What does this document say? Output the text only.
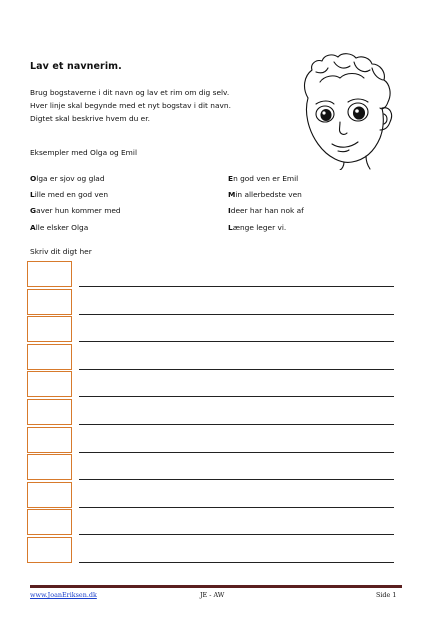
Lav et navnerim.
Brug bogstaverne i dit navn og lav et rim om dig selv.
Hver linje skal begynde med et nyt bogstav i dit navn.
Digtet skal beskrive hvem du er.
Eksempler med Olga og Emil
Olga er sjov og glad
Lille med en god ven
Gaver hun kommer med
Alle elsker Olga
En god ven er Emil
Min allerbedste ven
Ideer har han nok af
Længe leger vi.
Skriv dit digt her
www.JoanEriksen.dk	JE - AW	Side 1
